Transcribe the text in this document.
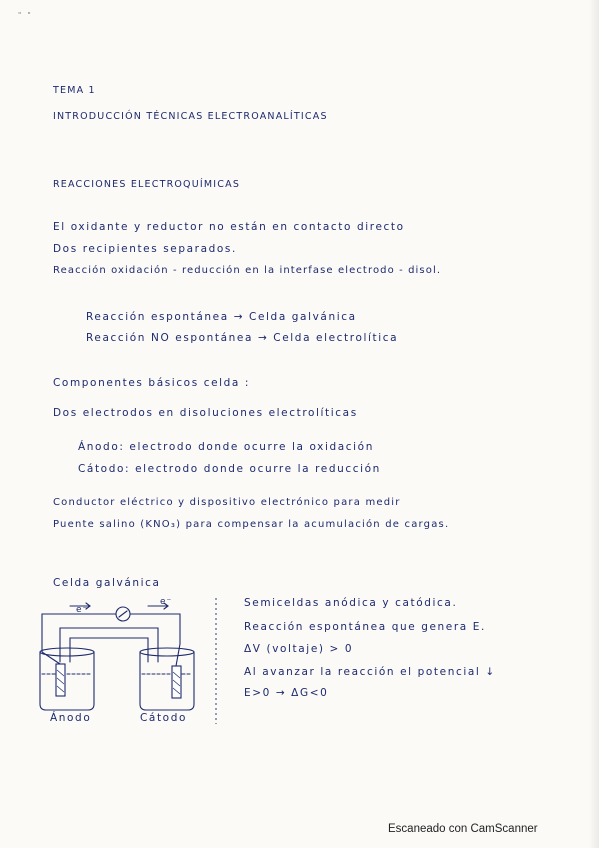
" "
TEMA 1
INTRODUCCIÓN TÉCNICAS ELECTROANALÍTICAS
REACCIONES ELECTROQUÍMICAS
El oxidante y reductor no están en contacto directo
Dos recipientes separados.
Reacción oxidación - reducción en la interfase electrodo - disol.
Reacción espontánea → Celda galvánica
Reacción NO espontánea → Celda electrolítica
Componentes básicos celda :
Dos electrodos en disoluciones electrolíticas
Ánodo: electrodo donde ocurre la oxidación
Cátodo: electrodo donde ocurre la reducción
Conductor eléctrico y dispositivo electrónico para medir
Puente salino (KNO₃) para compensar la acumulación de cargas.
Celda galvánica
e⁻
e⁻
Ánodo	Cátodo
Semiceldas anódica y catódica.
Reacción espontánea que genera E.
ΔV (voltaje) > 0
Al avanzar la reacción el potencial ↓
E>0 → ΔG<0
Escaneado con CamScanner
